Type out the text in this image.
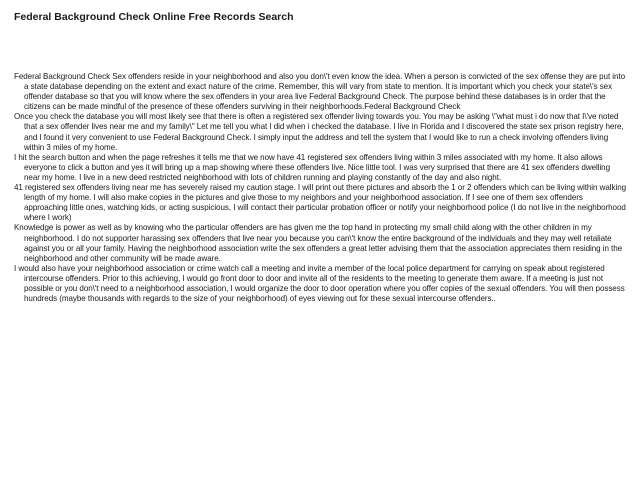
Federal Background Check Online Free Records Search

Federal Background Check Sex offenders reside in your neighborhood and also you don\'t even know the idea. When a person is convicted of the sex offense they are put into a state database depending on the extent and exact nature of the crime. Remember, this will vary from state to mention. It is important which you check your state\'s sex offender database so that you will know where the sex offenders in your area live Federal Background Check. The purpose behind these databases is in order that the citizens can be made mindful of the presence of these offenders surviving in their neighborhoods.Federal Background Check

Once you check the database you will most likely see that there is often a registered sex offender living towards you. You may be asking \"what must i do now that I\'ve noted that a sex offender lives near me and my family\" Let me tell you what I did when i checked the database. I live in Florida and I discovered the state sex prison registry here, and I found it very convenient to use Federal Background Check. I simply input the address and tell the system that I would like to run a check involving offenders living within 3 miles of my home.

I hit the search button and when the page refreshes it tells me that we now have 41 registered sex offenders living within 3 miles associated with my home. It also allows everyone to click a button and yes it will bring up a map showing where these offenders live. Nice little tool. I was very surprised that there are 41 sex offenders dwelling near my home. I live in a new deed restricted neighborhood with lots of children running and playing constantly of the day and also night.

41 registered sex offenders living near me has severely raised my caution stage. I will print out there pictures and absorb the 1 or 2 offenders which can be living within walking length of my home. I will also make copies in the pictures and give those to my neighbors and your neighborhood association. If I see one of them sex offenders approaching little ones, watching kids, or acting suspicious, I will contact their particular probation officer or notify your neighborhood police (I do not live in the neighborhood where I work)

Knowledge is power as well as by knowing who the particular offenders are has given me the top hand in protecting my small child along with the other children in my neighborhood. I do not supporter harassing sex offenders that live near you because you can\'t know the entire background of the individuals and they may well retaliate against you or all your family. Having the neighborhood association write the sex offenders a great letter advising them that the association appreciates them residing in the neighborhood and other community will be made aware.

I would also have your neighborhood association or crime watch call a meeting and invite a member of the local police department for carrying on speak about registered intercourse offenders. Prior to this achieving, I would go front door to door and invite all of the residents to the meeting to generate them aware. If a meeting is just not possible or you don\'t need to a neighborhood association, I would organize the door to door operation where you offer copies of the sexual offenders. You will then possess hundreds (maybe thousands with regards to the size of your neighborhood) of eyes viewing out for these sexual intercourse offenders..
